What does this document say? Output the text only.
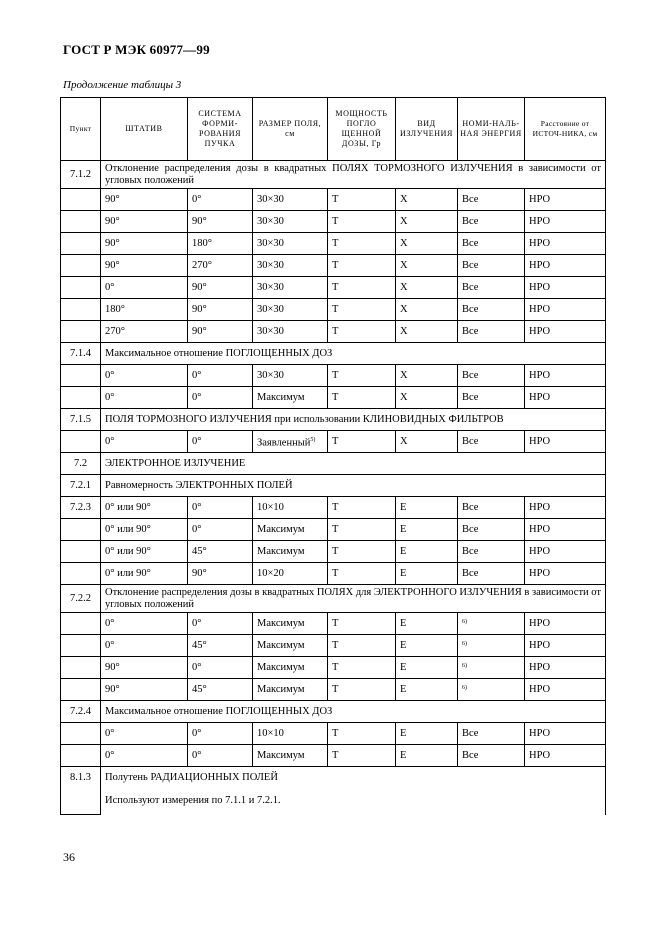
ГОСТ Р МЭК 60977—99
Продолжение таблицы 3
Пункт	ШТАТИВ	СИСТЕМА ФОРМИ-РОВАНИЯ ПУЧКА	РАЗМЕР ПОЛЯ, см	МОЩНОСТЬ ПОГЛО ЩЕННОЙ ДОЗЫ, Гр	ВИД ИЗЛУЧЕНИЯ	НОМИ-НАЛЬ-НАЯ ЭНЕРГИЯ	Расстояние от ИСТОЧ-НИКА, см
7.1.2	Отклонение распределения дозы в квадратных ПОЛЯХ ТОРМОЗНОГО ИЗЛУЧЕНИЯ в зависимости от угловых положений						
	90°	0°	30×30	Т	X	Все	НРО
	90°	90°	30×30	Т	X	Все	НРО
	90°	180°	30×30	Т	X	Все	НРО
	90°	270°	30×30	Т	X	Все	НРО
	0°	90°	30×30	Т	X	Все	НРО
	180°	90°	30×30	Т	X	Все	НРО
	270°	90°	30×30	Т	X	Все	НРО
7.1.4	Максимальное отношение ПОГЛОЩЕННЫХ ДОЗ						
	0°	0°	30×30	Т	X	Все	НРО
	0°	0°	Максимум	Т	X	Все	НРО
7.1.5	ПОЛЯ ТОРМОЗНОГО ИЗЛУЧЕНИЯ при использовании КЛИНОВИДНЫХ ФИЛЬТРОВ						
	0°	0°	Заявленный$^{5)}$	Т	X	Все	НРО
7.2	ЭЛЕКТРОННОЕ ИЗЛУЧЕНИЕ						
7.2.1	Равномерность ЭЛЕКТРОННЫХ ПОЛЕЙ						
7.2.3	0° или 90°	0°	10×10	Т	Е	Все	НРО
	0° или 90°	0°	Максимум	Т	Е	Все	НРО
	0° или 90°	45°	Максимум	Т	Е	Все	НРО
	0° или 90°	90°	10×20	Т	Е	Все	НРО
7.2.2	Отклонение распределения дозы в квадратных ПОЛЯХ для ЭЛЕКТРОННОГО ИЗЛУЧЕНИЯ в зависимости от угловых положений						
	0°	0°	Максимум	Т	Е	$^{6)}$	НРО
	0°	45°	Максимум	Т	Е	$^{6)}$	НРО
	90°	0°	Максимум	Т	Е	$^{6)}$	НРО
	90°	45°	Максимум	Т	Е	$^{6)}$	НРО
7.2.4	Максимальное отношение ПОГЛОЩЕННЫХ ДОЗ						
	0°	0°	10×10	Т	Е	Все	НРО
	0°	0°	Максимум	Т	Е	Все	НРО
8.1.3	Полутень РАДИАЦИОННЫХ ПОЛЕЙ						
	Используют измерения по 7.1.1 и 7.2.1.						
36
